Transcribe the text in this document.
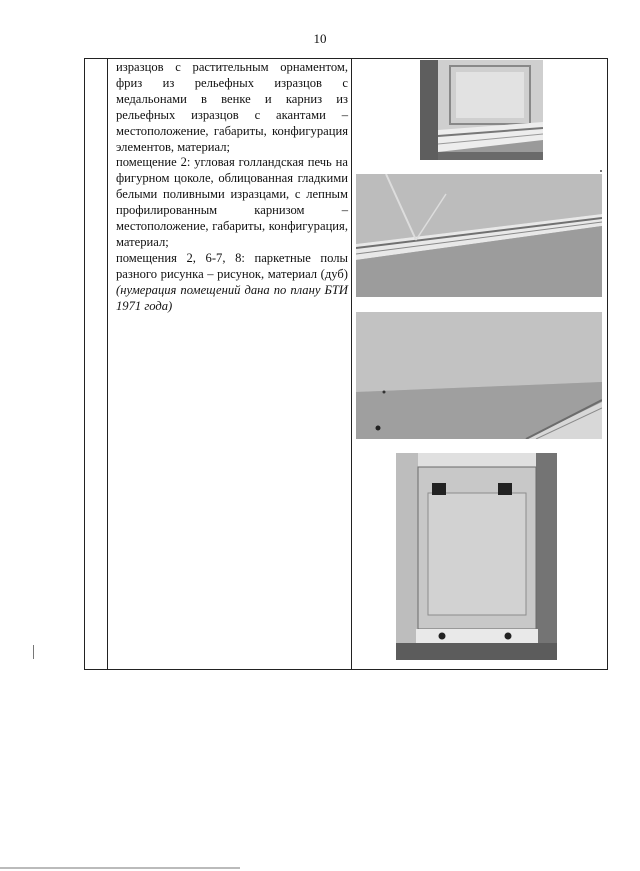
10

изразцов с растительным орнаментом, фриз из рельефных изразцов с медальонами в венке и карниз из рельефных изразцов с акантами – местоположение, габариты, конфигурация элементов, материал;

помещение 2: угловая голландская печь на фигурном цоколе, облицованная гладкими белыми поливными изразцами, с лепным профилированным карнизом – местоположение, габариты, конфигурация, материал;

помещения 2, 6-7, 8: паркетные полы разного рисунка – рисунок, материал (дуб) (нумерация помещений дана по плану БТИ 1971 года)
